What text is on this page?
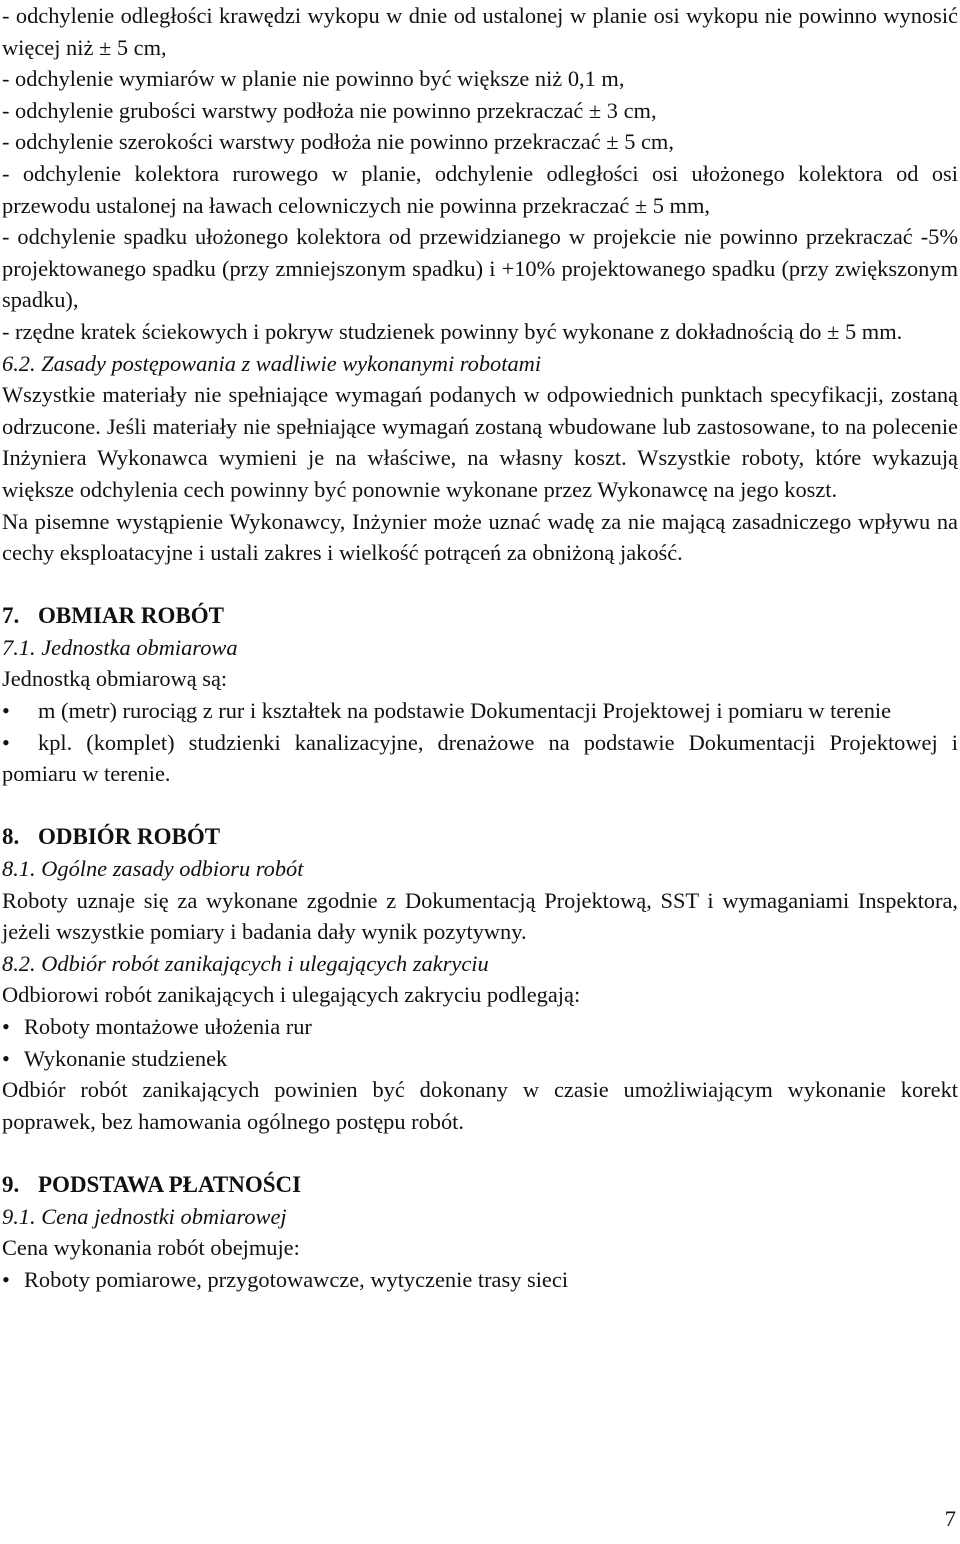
- odchylenie odległości krawędzi wykopu w dnie od ustalonej w planie osi wykopu nie powinno wynosić więcej niż ± 5 cm,

- odchylenie wymiarów w planie nie powinno być większe niż 0,1 m,

- odchylenie grubości warstwy podłoża nie powinno przekraczać ± 3 cm,

- odchylenie szerokości warstwy podłoża nie powinno przekraczać ± 5 cm,

- odchylenie kolektora rurowego w planie, odchylenie odległości osi ułożonego kolektora od osi przewodu ustalonej na ławach celowniczych nie powinna przekraczać ± 5 mm,

- odchylenie spadku ułożonego kolektora od przewidzianego w projekcie nie powinno przekraczać -5% projektowanego spadku (przy zmniejszonym spadku) i +10% projektowanego spadku (przy zwiększonym spadku),

- rzędne kratek ściekowych i pokryw studzienek powinny być wykonane z dokładnością do ± 5 mm.

6.2. Zasady postępowania z wadliwie wykonanymi robotami

Wszystkie materiały nie spełniające wymagań podanych w odpowiednich punktach specyfikacji, zostaną odrzucone. Jeśli materiały nie spełniające wymagań zostaną wbudowane lub zastosowane, to na polecenie Inżyniera Wykonawca wymieni je na właściwe, na własny koszt. Wszystkie roboty, które wykazują większe odchylenia cech powinny być ponownie wykonane przez Wykonawcę na jego koszt.

Na pisemne wystąpienie Wykonawcy, Inżynier może uznać wadę za nie mającą zasadniczego wpływu na cechy eksploatacyjne i ustali zakres i wielkość potrąceń za obniżoną jakość.

7. OBMIAR ROBÓT
7.1. Jednostka obmiarowa

Jednostką obmiarową są:

• m (metr) rurociąg z rur i kształtek na podstawie Dokumentacji Projektowej i pomiaru w terenie

• kpl. (komplet) studzienki kanalizacyjne, drenażowe na podstawie Dokumentacji Projektowej i pomiaru w terenie.

8. ODBIÓR ROBÓT
8.1. Ogólne zasady odbioru robót

Roboty uznaje się za wykonane zgodnie z Dokumentacją Projektową, SST i wymaganiami Inspektora, jeżeli wszystkie pomiary i badania dały wynik pozytywny.

8.2. Odbiór robót zanikających i ulegających zakryciu

Odbiorowi robót zanikających i ulegających zakryciu podlegają:

• Roboty montażowe ułożenia rur

• Wykonanie studzienek

Odbiór robót zanikających powinien być dokonany w czasie umożliwiającym wykonanie korekt poprawek, bez hamowania ogólnego postępu robót.

9. PODSTAWA PŁATNOŚCI
9.1. Cena jednostki obmiarowej

Cena wykonania robót obejmuje:

• Roboty pomiarowe, przygotowawcze, wytyczenie trasy sieci

7
